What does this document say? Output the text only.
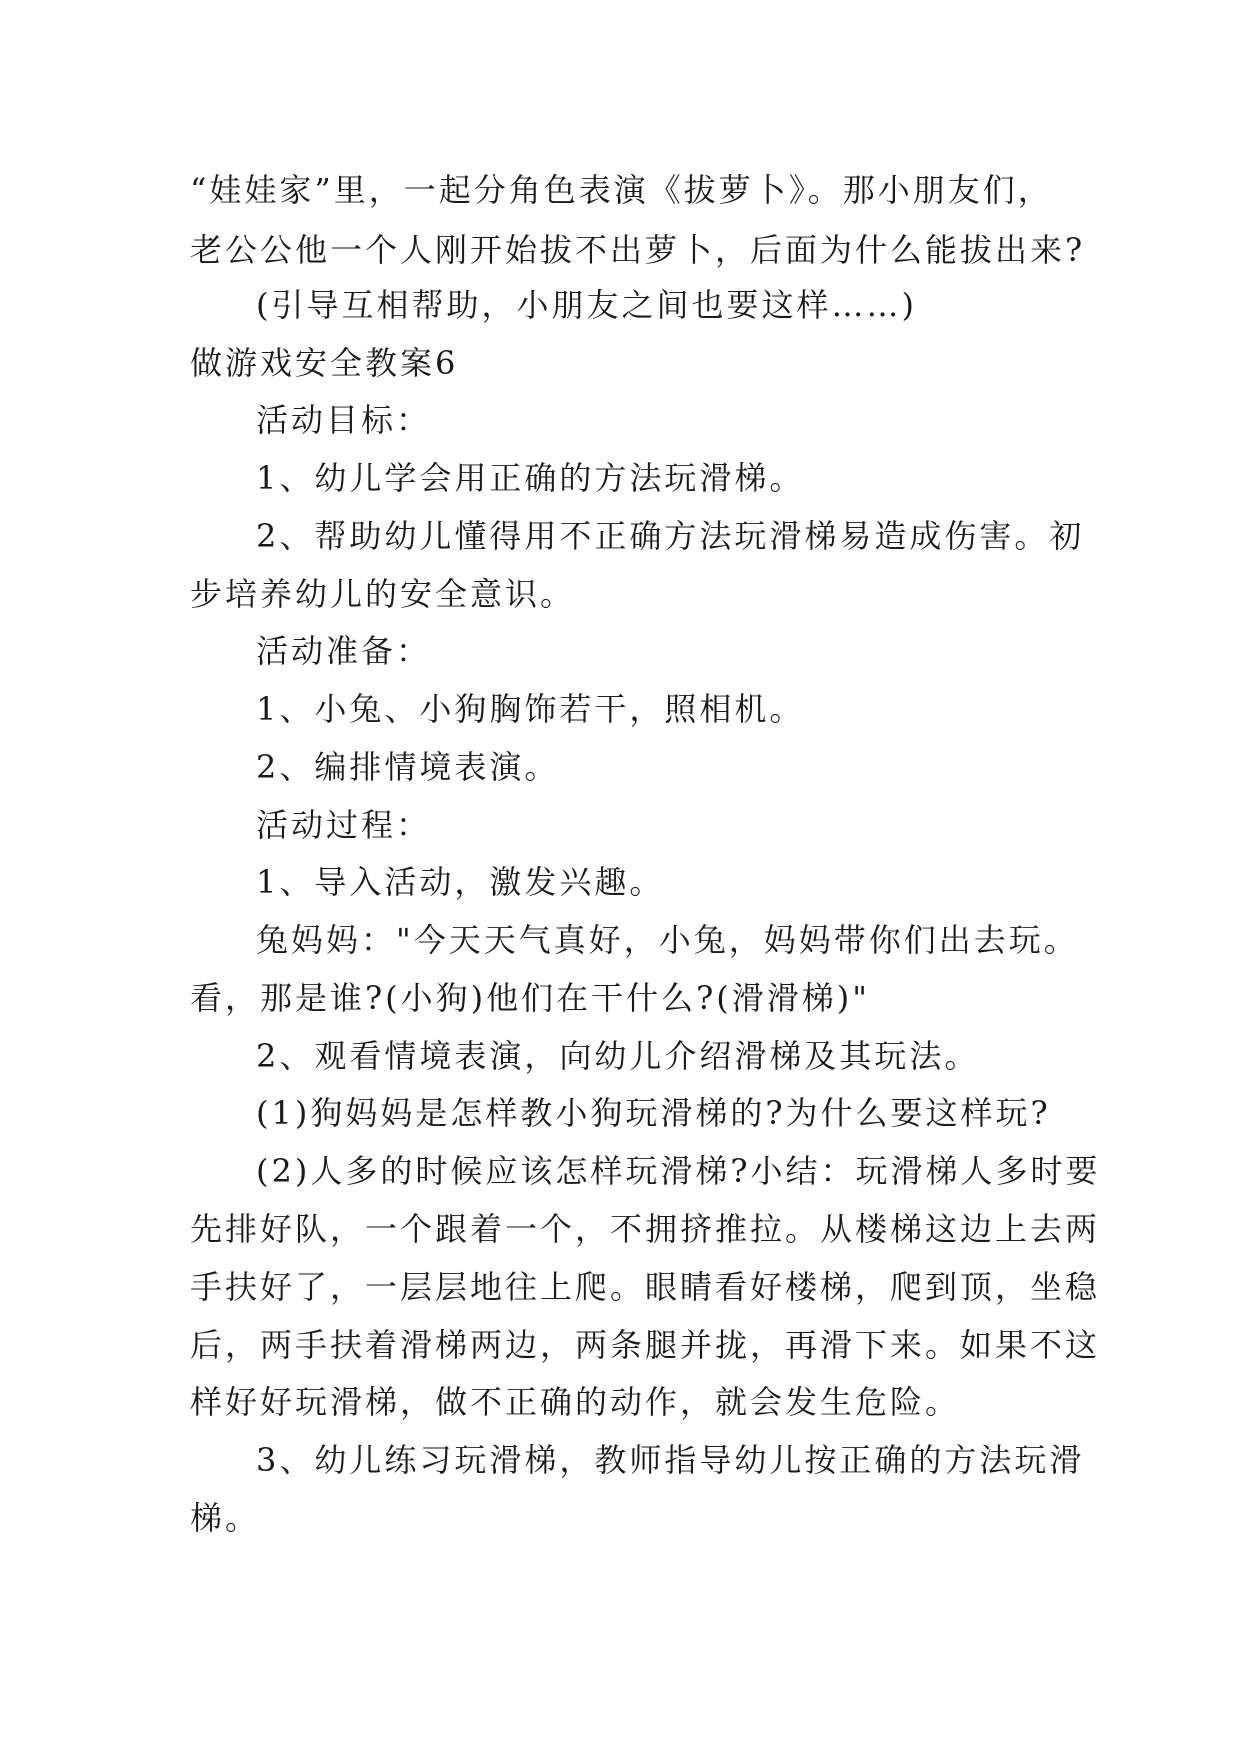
“娃娃家”里，一起分角色表演《拔萝卜》。那小朋友们，
老公公他一个人刚开始拔不出萝卜，后面为什么能拔出来?
(引导互相帮助，小朋友之间也要这样……)
做游戏安全教案6
活动目标：
1、幼儿学会用正确的方法玩滑梯。
2、帮助幼儿懂得用不正确方法玩滑梯易造成伤害。初
步培养幼儿的安全意识。
活动准备：
1、小兔、小狗胸饰若干，照相机。
2、编排情境表演。
活动过程：
1、导入活动，激发兴趣。
兔妈妈："今天天气真好，小兔，妈妈带你们出去玩。
看，那是谁?(小狗)他们在干什么?(滑滑梯)"
2、观看情境表演，向幼儿介绍滑梯及其玩法。
(1)狗妈妈是怎样教小狗玩滑梯的?为什么要这样玩?
(2)人多的时候应该怎样玩滑梯?小结：玩滑梯人多时要
先排好队，一个跟着一个，不拥挤推拉。从楼梯这边上去两
手扶好了，一层层地往上爬。眼睛看好楼梯，爬到顶，坐稳
后，两手扶着滑梯两边，两条腿并拢，再滑下来。如果不这
样好好玩滑梯，做不正确的动作，就会发生危险。
3、幼儿练习玩滑梯，教师指导幼儿按正确的方法玩滑
梯。
